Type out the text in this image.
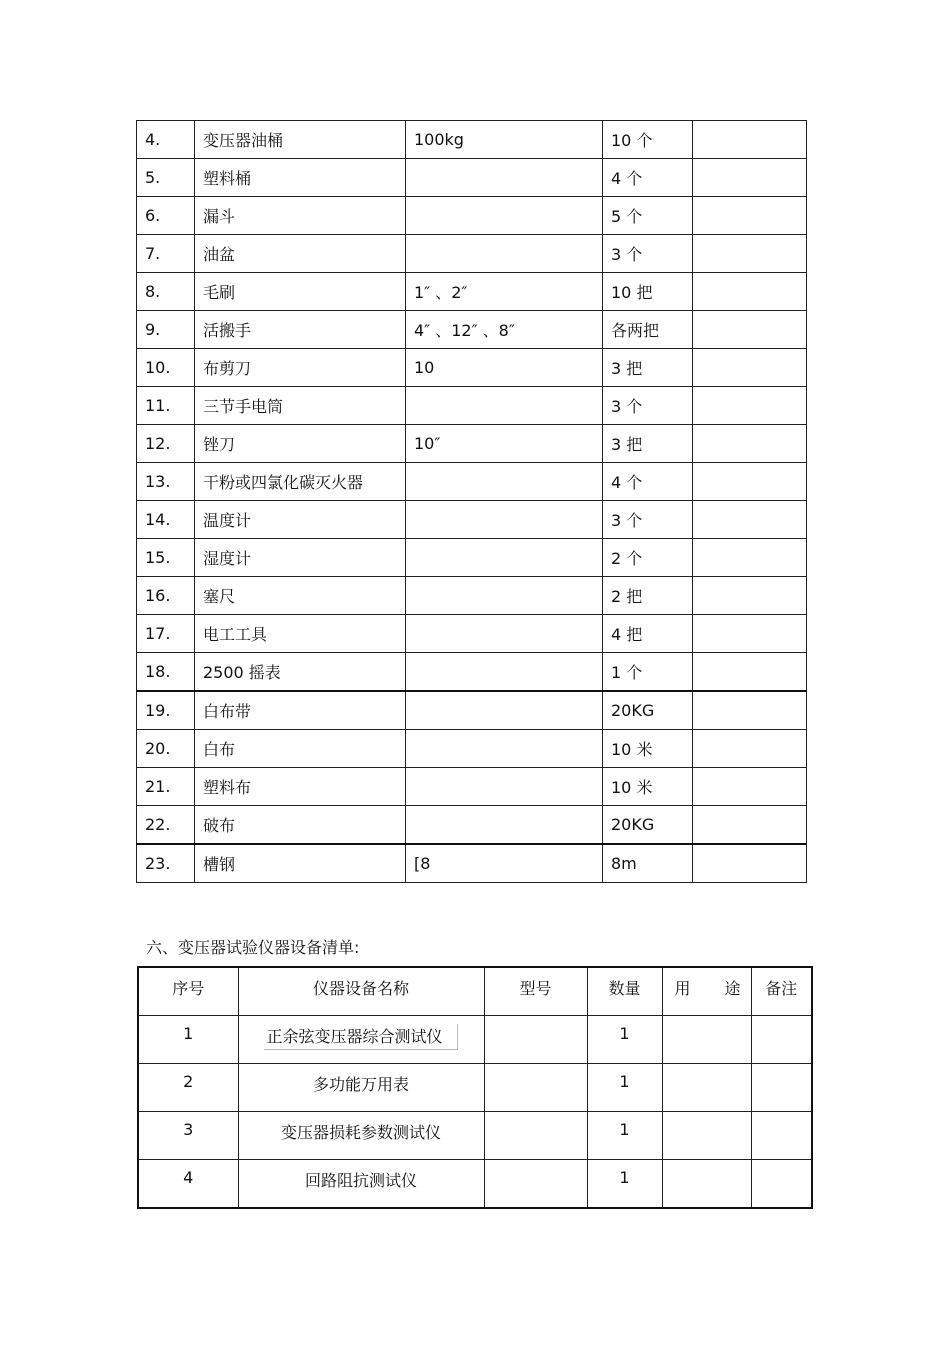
4.	变压器油桶	100kg	10 个	
5.	塑料桶		4 个	
6.	漏斗		5 个	
7.	油盆		3 个	
8.	毛刷	1″ 、2″	10 把	
9.	活搬手	4″ 、12″ 、8″	各两把	
10.	布剪刀	10	3 把	
11.	三节手电筒		3 个	
12.	锉刀	10″	3 把	
13.	干粉或四氯化碳灭火器		4 个	
14.	温度计		3 个	
15.	湿度计		2 个	
16.	塞尺		2 把	
17.	电工工具		4 把	
18.	2500 摇表		1 个	
19.	白布带		20KG	
20.	白布		10 米	
21.	塑料布		10 米	
22.	破布		20KG	
23.	槽钢	[8	8m	
六、变压器试验仪器设备清单:
序号	仪器设备名称	型号	数量	用 途	备注
1	正余弦变压器综合测试仪		1		
2	多功能万用表		1		
3	变压器损耗参数测试仪		1		
4	回路阻抗测试仪		1		
